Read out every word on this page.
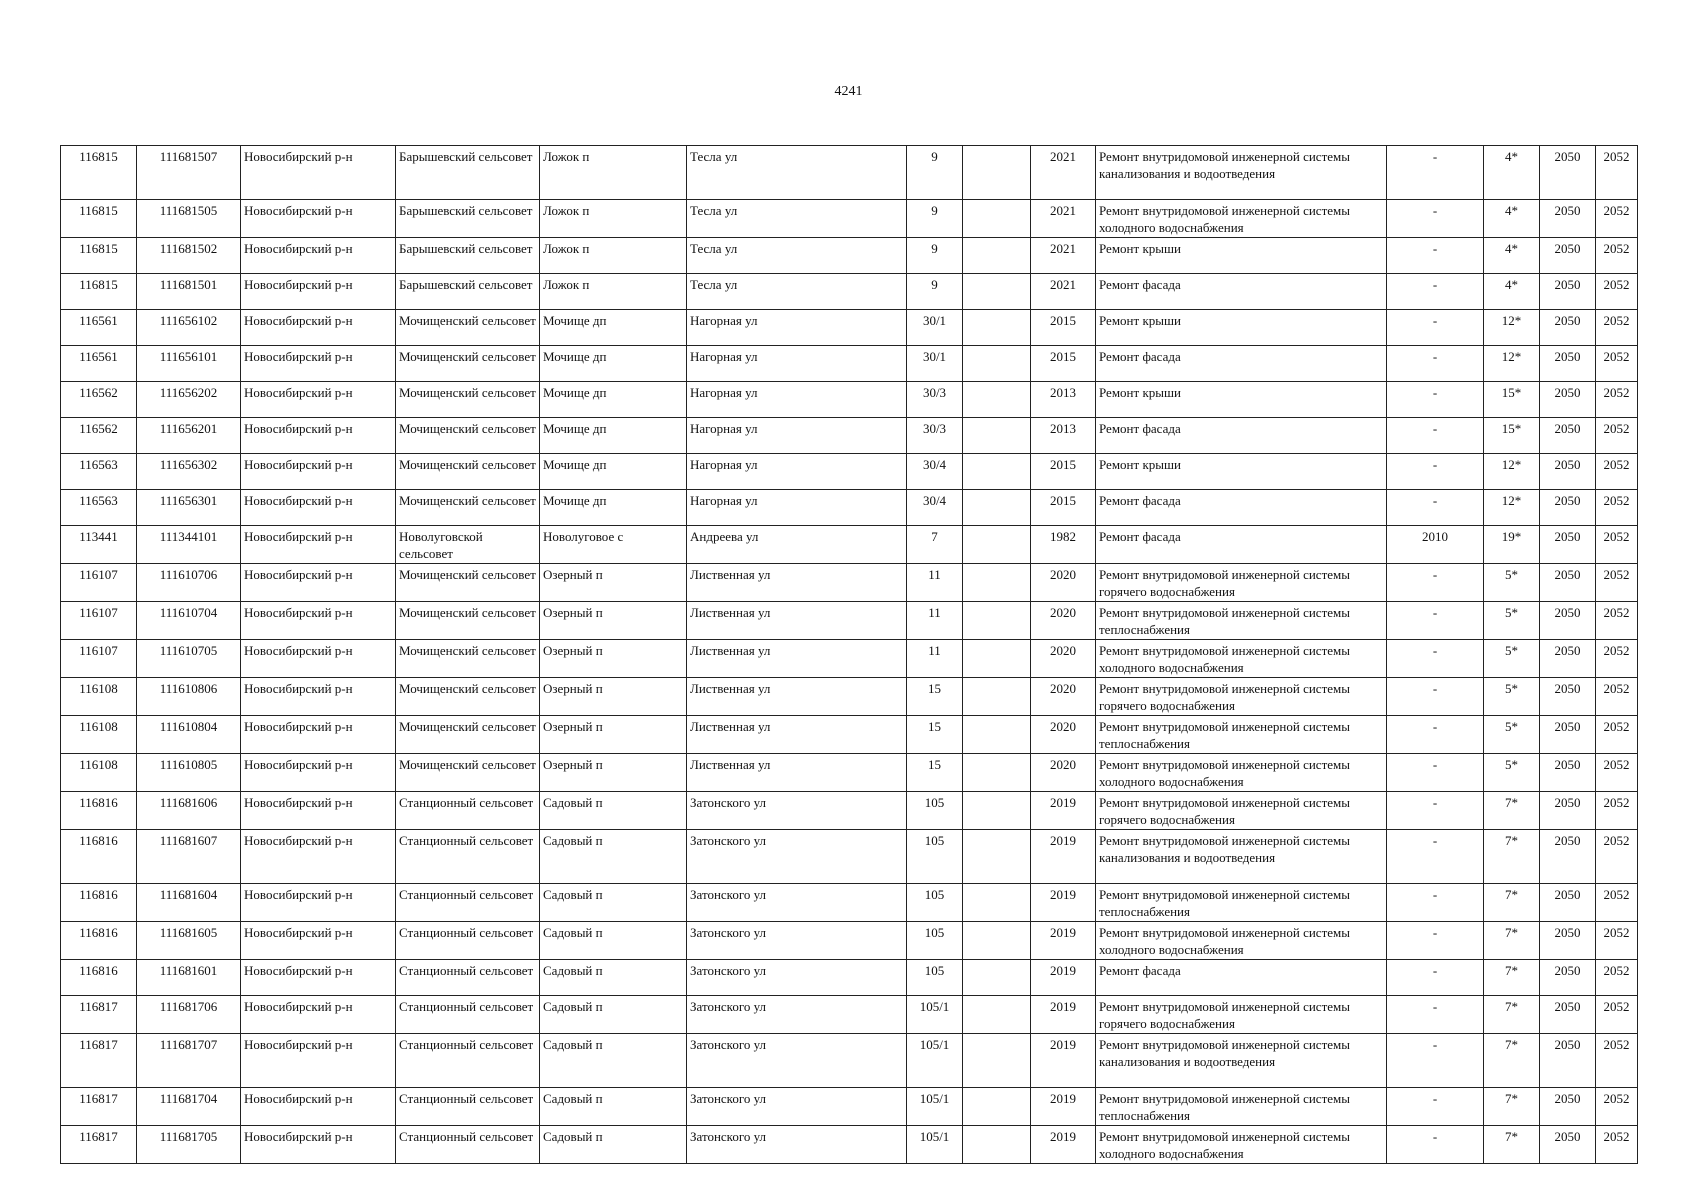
4241
116815	111681507	Новосибирский р-н	Барышевский сельсовет	Ложок п	Тесла ул	9		2021	Ремонт внутридомовой инженерной системы канализования и водоотведения	-	4*	2050	2052
116815	111681505	Новосибирский р-н	Барышевский сельсовет	Ложок п	Тесла ул	9		2021	Ремонт внутридомовой инженерной системы холодного водоснабжения	-	4*	2050	2052
116815	111681502	Новосибирский р-н	Барышевский сельсовет	Ложок п	Тесла ул	9		2021	Ремонт крыши	-	4*	2050	2052
116815	111681501	Новосибирский р-н	Барышевский сельсовет	Ложок п	Тесла ул	9		2021	Ремонт фасада	-	4*	2050	2052
116561	111656102	Новосибирский р-н	Мочищенский сельсовет	Мочище дп	Нагорная ул	30/1		2015	Ремонт крыши	-	12*	2050	2052
116561	111656101	Новосибирский р-н	Мочищенский сельсовет	Мочище дп	Нагорная ул	30/1		2015	Ремонт фасада	-	12*	2050	2052
116562	111656202	Новосибирский р-н	Мочищенский сельсовет	Мочище дп	Нагорная ул	30/3		2013	Ремонт крыши	-	15*	2050	2052
116562	111656201	Новосибирский р-н	Мочищенский сельсовет	Мочище дп	Нагорная ул	30/3		2013	Ремонт фасада	-	15*	2050	2052
116563	111656302	Новосибирский р-н	Мочищенский сельсовет	Мочище дп	Нагорная ул	30/4		2015	Ремонт крыши	-	12*	2050	2052
116563	111656301	Новосибирский р-н	Мочищенский сельсовет	Мочище дп	Нагорная ул	30/4		2015	Ремонт фасада	-	12*	2050	2052
113441	111344101	Новосибирский р-н	Новолуговской сельсовет	Новолуговое с	Андреева ул	7		1982	Ремонт фасада	2010	19*	2050	2052
116107	111610706	Новосибирский р-н	Мочищенский сельсовет	Озерный п	Лиственная ул	11		2020	Ремонт внутридомовой инженерной системы горячего водоснабжения	-	5*	2050	2052
116107	111610704	Новосибирский р-н	Мочищенский сельсовет	Озерный п	Лиственная ул	11		2020	Ремонт внутридомовой инженерной системы теплоснабжения	-	5*	2050	2052
116107	111610705	Новосибирский р-н	Мочищенский сельсовет	Озерный п	Лиственная ул	11		2020	Ремонт внутридомовой инженерной системы холодного водоснабжения	-	5*	2050	2052
116108	111610806	Новосибирский р-н	Мочищенский сельсовет	Озерный п	Лиственная ул	15		2020	Ремонт внутридомовой инженерной системы горячего водоснабжения	-	5*	2050	2052
116108	111610804	Новосибирский р-н	Мочищенский сельсовет	Озерный п	Лиственная ул	15		2020	Ремонт внутридомовой инженерной системы теплоснабжения	-	5*	2050	2052
116108	111610805	Новосибирский р-н	Мочищенский сельсовет	Озерный п	Лиственная ул	15		2020	Ремонт внутридомовой инженерной системы холодного водоснабжения	-	5*	2050	2052
116816	111681606	Новосибирский р-н	Станционный сельсовет	Садовый п	Затонского ул	105		2019	Ремонт внутридомовой инженерной системы горячего водоснабжения	-	7*	2050	2052
116816	111681607	Новосибирский р-н	Станционный сельсовет	Садовый п	Затонского ул	105		2019	Ремонт внутридомовой инженерной системы канализования и водоотведения	-	7*	2050	2052
116816	111681604	Новосибирский р-н	Станционный сельсовет	Садовый п	Затонского ул	105		2019	Ремонт внутридомовой инженерной системы теплоснабжения	-	7*	2050	2052
116816	111681605	Новосибирский р-н	Станционный сельсовет	Садовый п	Затонского ул	105		2019	Ремонт внутридомовой инженерной системы холодного водоснабжения	-	7*	2050	2052
116816	111681601	Новосибирский р-н	Станционный сельсовет	Садовый п	Затонского ул	105		2019	Ремонт фасада	-	7*	2050	2052
116817	111681706	Новосибирский р-н	Станционный сельсовет	Садовый п	Затонского ул	105/1		2019	Ремонт внутридомовой инженерной системы горячего водоснабжения	-	7*	2050	2052
116817	111681707	Новосибирский р-н	Станционный сельсовет	Садовый п	Затонского ул	105/1		2019	Ремонт внутридомовой инженерной системы канализования и водоотведения	-	7*	2050	2052
116817	111681704	Новосибирский р-н	Станционный сельсовет	Садовый п	Затонского ул	105/1		2019	Ремонт внутридомовой инженерной системы теплоснабжения	-	7*	2050	2052
116817	111681705	Новосибирский р-н	Станционный сельсовет	Садовый п	Затонского ул	105/1		2019	Ремонт внутридомовой инженерной системы холодного водоснабжения	-	7*	2050	2052
